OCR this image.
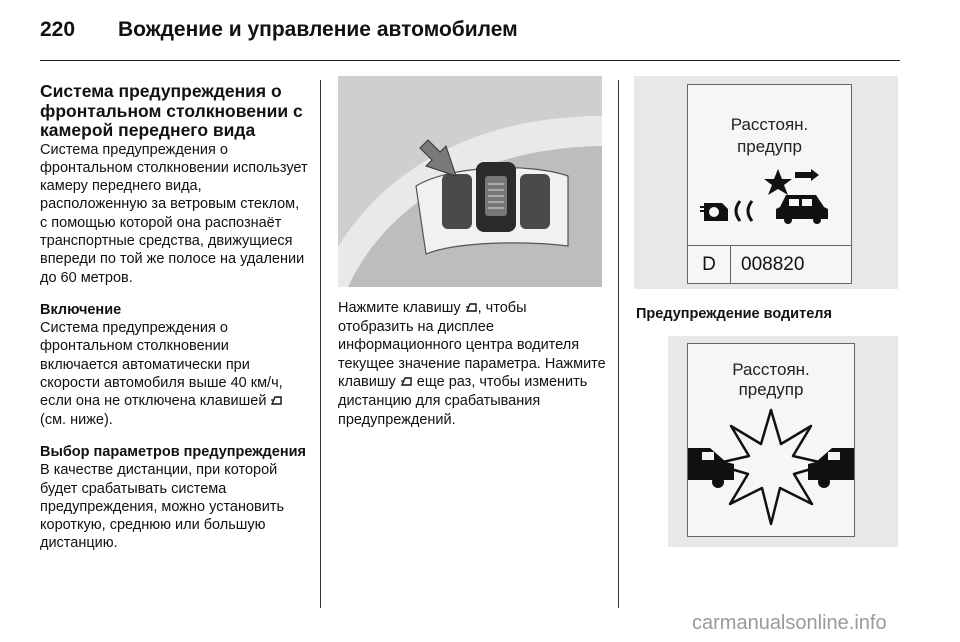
220	Вождение и управление автомобилем
Система предупреждения о фронтальном столкновении с камерой переднего вида

Система предупреждения о фронтальном столкновении использует камеру переднего вида, расположенную за ветровым стеклом, с помощью которой она распознаёт транспортные средства, движущиеся впереди по той же полосе на удалении до 60 метров.

Включение

Система предупреждения о фронтальном столкновении включается автоматически при скорости автомобиля выше 40 км/ч, если она не отключена клавишей  (см. ниже).

Выбор параметров предупреждения

В качестве дистанции, при которой будет срабатывать система предупреждения, можно установить короткую, среднюю или большую дистанцию.

Нажмите клавишу , чтобы отобразить на дисплее информационного центра водителя текущее значение параметра. Нажмите клавишу еще раз, чтобы изменить дистанцию для срабатывания предупреждений.

Расстоян.
предупр
D	008820
Предупреждение водителя
Расстоян.
предупр
carmanualsonline.info
